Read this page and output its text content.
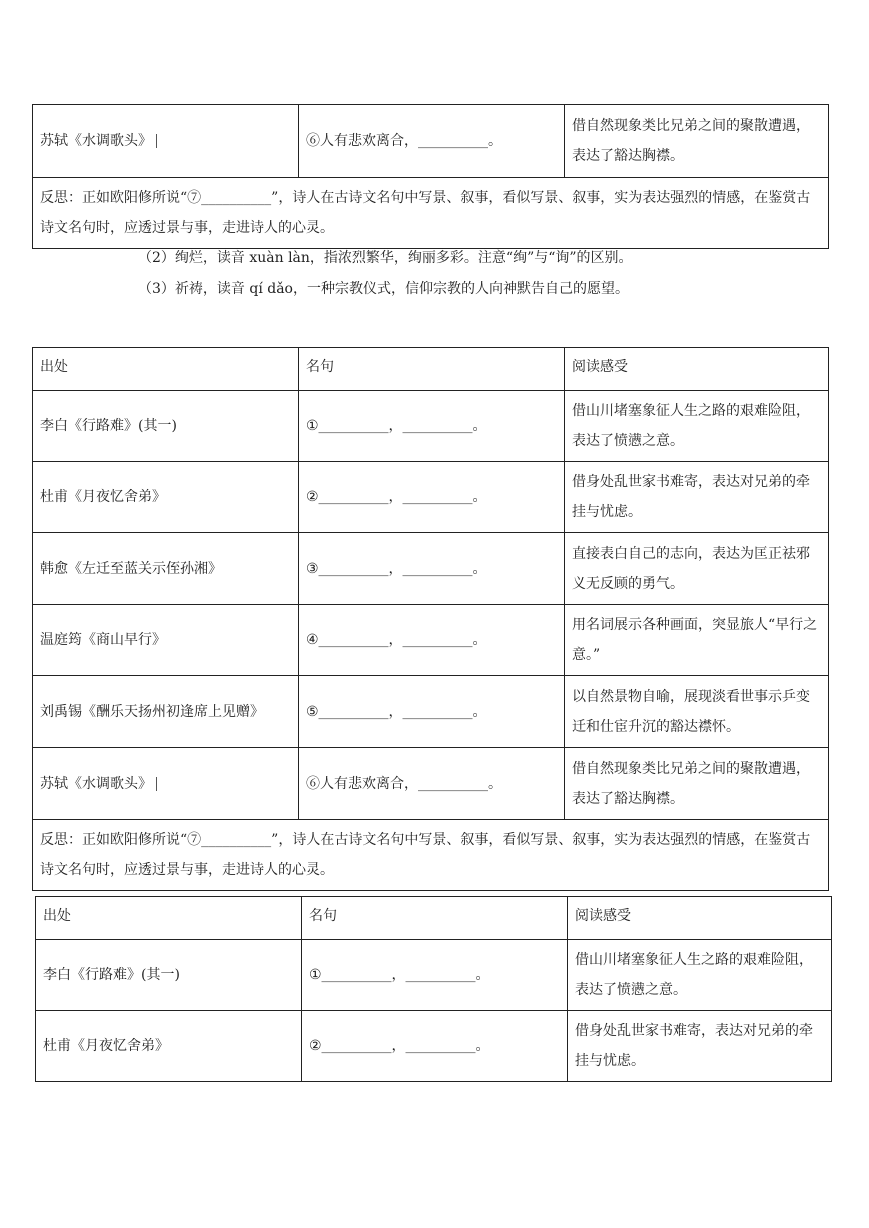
苏轼《水调歌头》	⑥人有悲欢离合，__________。	借自然现象类比兄弟之间的聚散遭遇，表达了豁达胸襟。
反思：正如欧阳修所说“⑦__________”，诗人在古诗文名句中写景、叙事，看似写景、叙事，实为表达强烈的情感，在鉴赏古诗文名句时，应透过景与事，走进诗人的心灵。
（2）绚烂，读音 xuàn làn，指浓烈繁华，绚丽多彩。注意“绚”与“询”的区别。
（3）祈祷，读音 qí dǎo，一种宗教仪式，信仰宗教的人向神默告自己的愿望。
出处	名句	阅读感受
李白《行路难》(其一)	①__________，__________。	借山川堵塞象征人生之路的艰难险阻，表达了愤懑之意。
杜甫《月夜忆舍弟》	②__________，__________。	借身处乱世家书难寄，表达对兄弟的牵挂与忧虑。
韩愈《左迁至蓝关示侄孙湘》	③__________，__________。	直接表白自己的志向，表达为匡正祛邪义无反顾的勇气。
温庭筠《商山早行》	④__________，__________。	用名词展示各种画面，突显旅人“早行之意。”
刘禹锡《酬乐天扬州初逢席上见赠》	⑤__________，__________。	以自然景物自喻，展现淡看世事示乒变迁和仕宦升沉的豁达襟怀。
苏轼《水调歌头》	⑥人有悲欢离合，__________。	借自然现象类比兄弟之间的聚散遭遇，表达了豁达胸襟。
反思：正如欧阳修所说“⑦__________”，诗人在古诗文名句中写景、叙事，看似写景、叙事，实为表达强烈的情感，在鉴赏古诗文名句时，应透过景与事，走进诗人的心灵。		
出处	名句	阅读感受
李白《行路难》(其一)	①__________，__________。	借山川堵塞象征人生之路的艰难险阻，表达了愤懑之意。
杜甫《月夜忆舍弟》	②__________，__________。	借身处乱世家书难寄，表达对兄弟的牵挂与忧虑。
